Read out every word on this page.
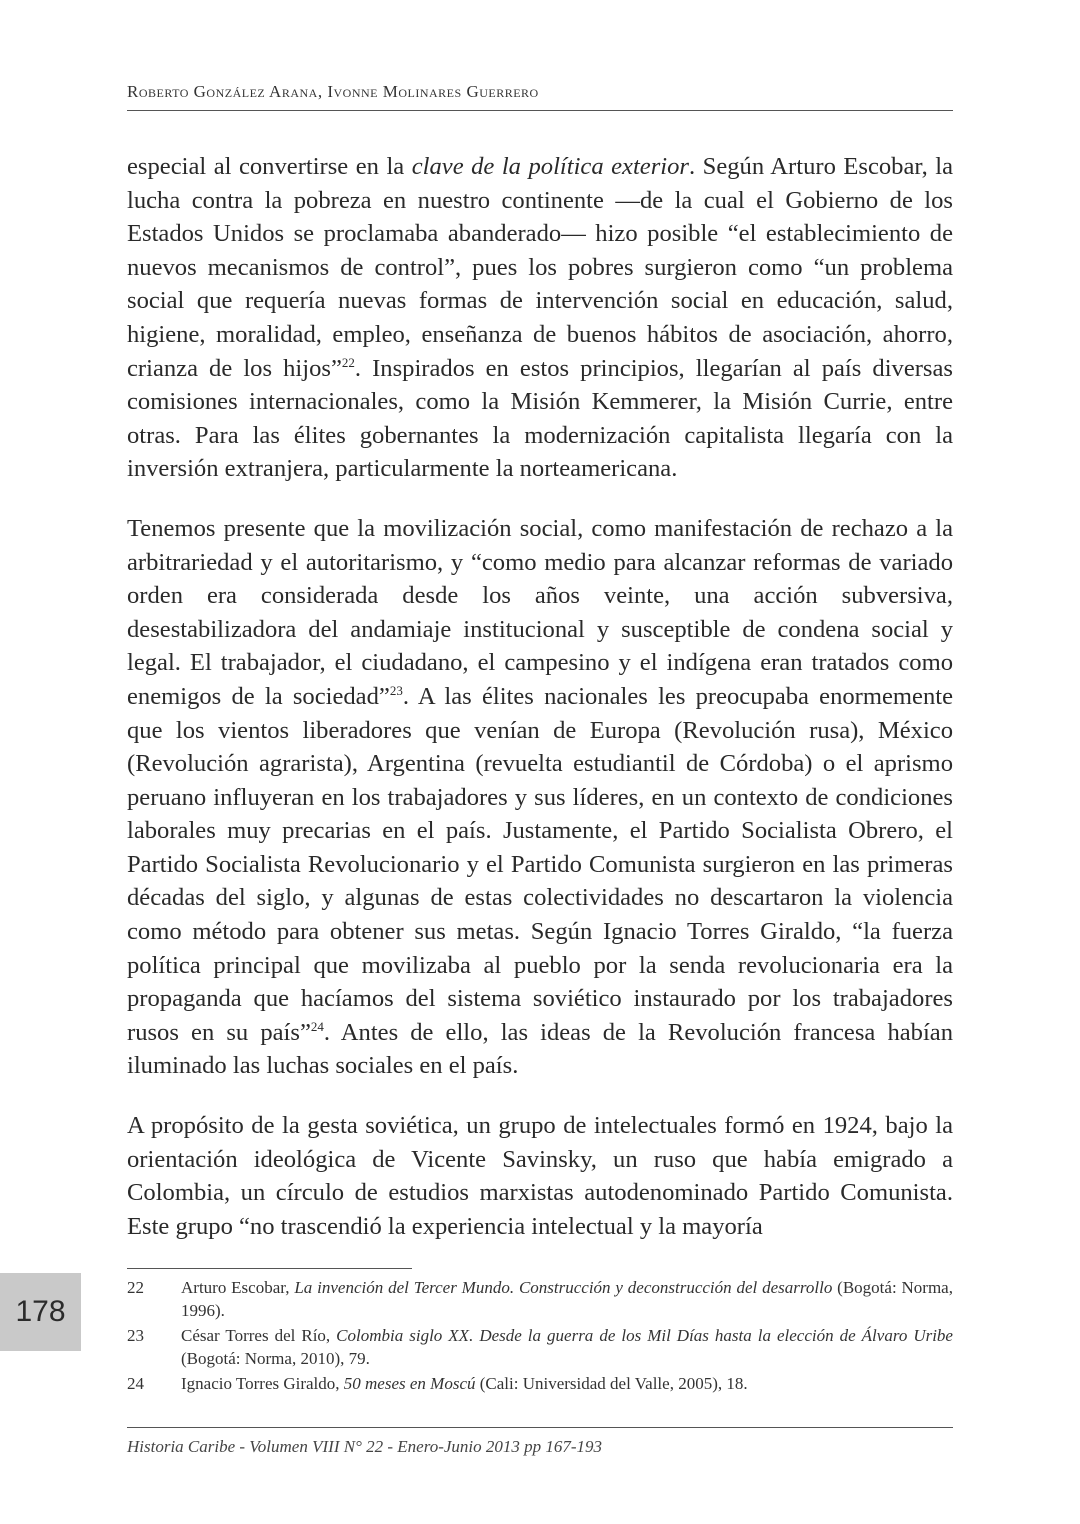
Roberto González Arana, Ivonne Molinares Guerrero

especial al convertirse en la clave de la política exterior. Según Arturo Escobar, la lucha contra la pobreza en nuestro continente —de la cual el Gobierno de los Estados Unidos se proclamaba abanderado— hizo posible “el establecimiento de nuevos mecanismos de control”, pues los pobres surgieron como “un problema social que requería nuevas formas de intervención social en educación, salud, higiene, moralidad, empleo, enseñanza de buenos hábitos de asociación, ahorro, crianza de los hijos”$^{22}$. Inspirados en estos principios, llegarían al país diversas comisiones internacionales, como la Misión Kemmerer, la Misión Currie, entre otras. Para las élites gobernantes la modernización capitalista llegaría con la inversión extranjera, particularmente la norteamericana.

Tenemos presente que la movilización social, como manifestación de rechazo a la arbitrariedad y el autoritarismo, y “como medio para alcanzar reformas de variado orden era considerada desde los años veinte, una acción subversiva, desestabilizadora del andamiaje institucional y susceptible de condena social y legal. El trabajador, el ciudadano, el campesino y el indígena eran tratados como enemigos de la sociedad”$^{23}$. A las élites nacionales les preocupaba enormemente que los vientos liberadores que venían de Europa (Revolución rusa), México (Revolución agrarista), Argentina (revuelta estudiantil de Córdoba) o el aprismo peruano influyeran en los trabajadores y sus líderes, en un contexto de condiciones laborales muy precarias en el país. Justamente, el Partido Socialista Obrero, el Partido Socialista Revolucionario y el Partido Comunista surgieron en las primeras décadas del siglo, y algunas de estas colectividades no descartaron la violencia como método para obtener sus metas. Según Ignacio Torres Giraldo, “la fuerza política principal que movilizaba al pueblo por la senda revolucionaria era la propaganda que hacíamos del sistema soviético instaurado por los trabajadores rusos en su país”$^{24}$. Antes de ello, las ideas de la Revolución francesa habían iluminado las luchas sociales en el país.

A propósito de la gesta soviética, un grupo de intelectuales formó en 1924, bajo la orientación ideológica de Vicente Savinsky, un ruso que había emigrado a Colombia, un círculo de estudios marxistas autodenominado Partido Comunista. Este grupo “no trascendió la experiencia intelectual y la mayoría

22	Arturo Escobar, La invención del Tercer Mundo. Construcción y deconstrucción del desarrollo (Bogotá: Norma, 1996).
23	César Torres del Río, Colombia siglo XX. Desde la guerra de los Mil Días hasta la elección de Álvaro Uribe (Bogotá: Norma, 2010), 79.
24	Ignacio Torres Giraldo, 50 meses en Moscú (Cali: Universidad del Valle, 2005), 18.
178
Historia Caribe - Volumen VIII N° 22 - Enero-Junio 2013 pp 167-193
